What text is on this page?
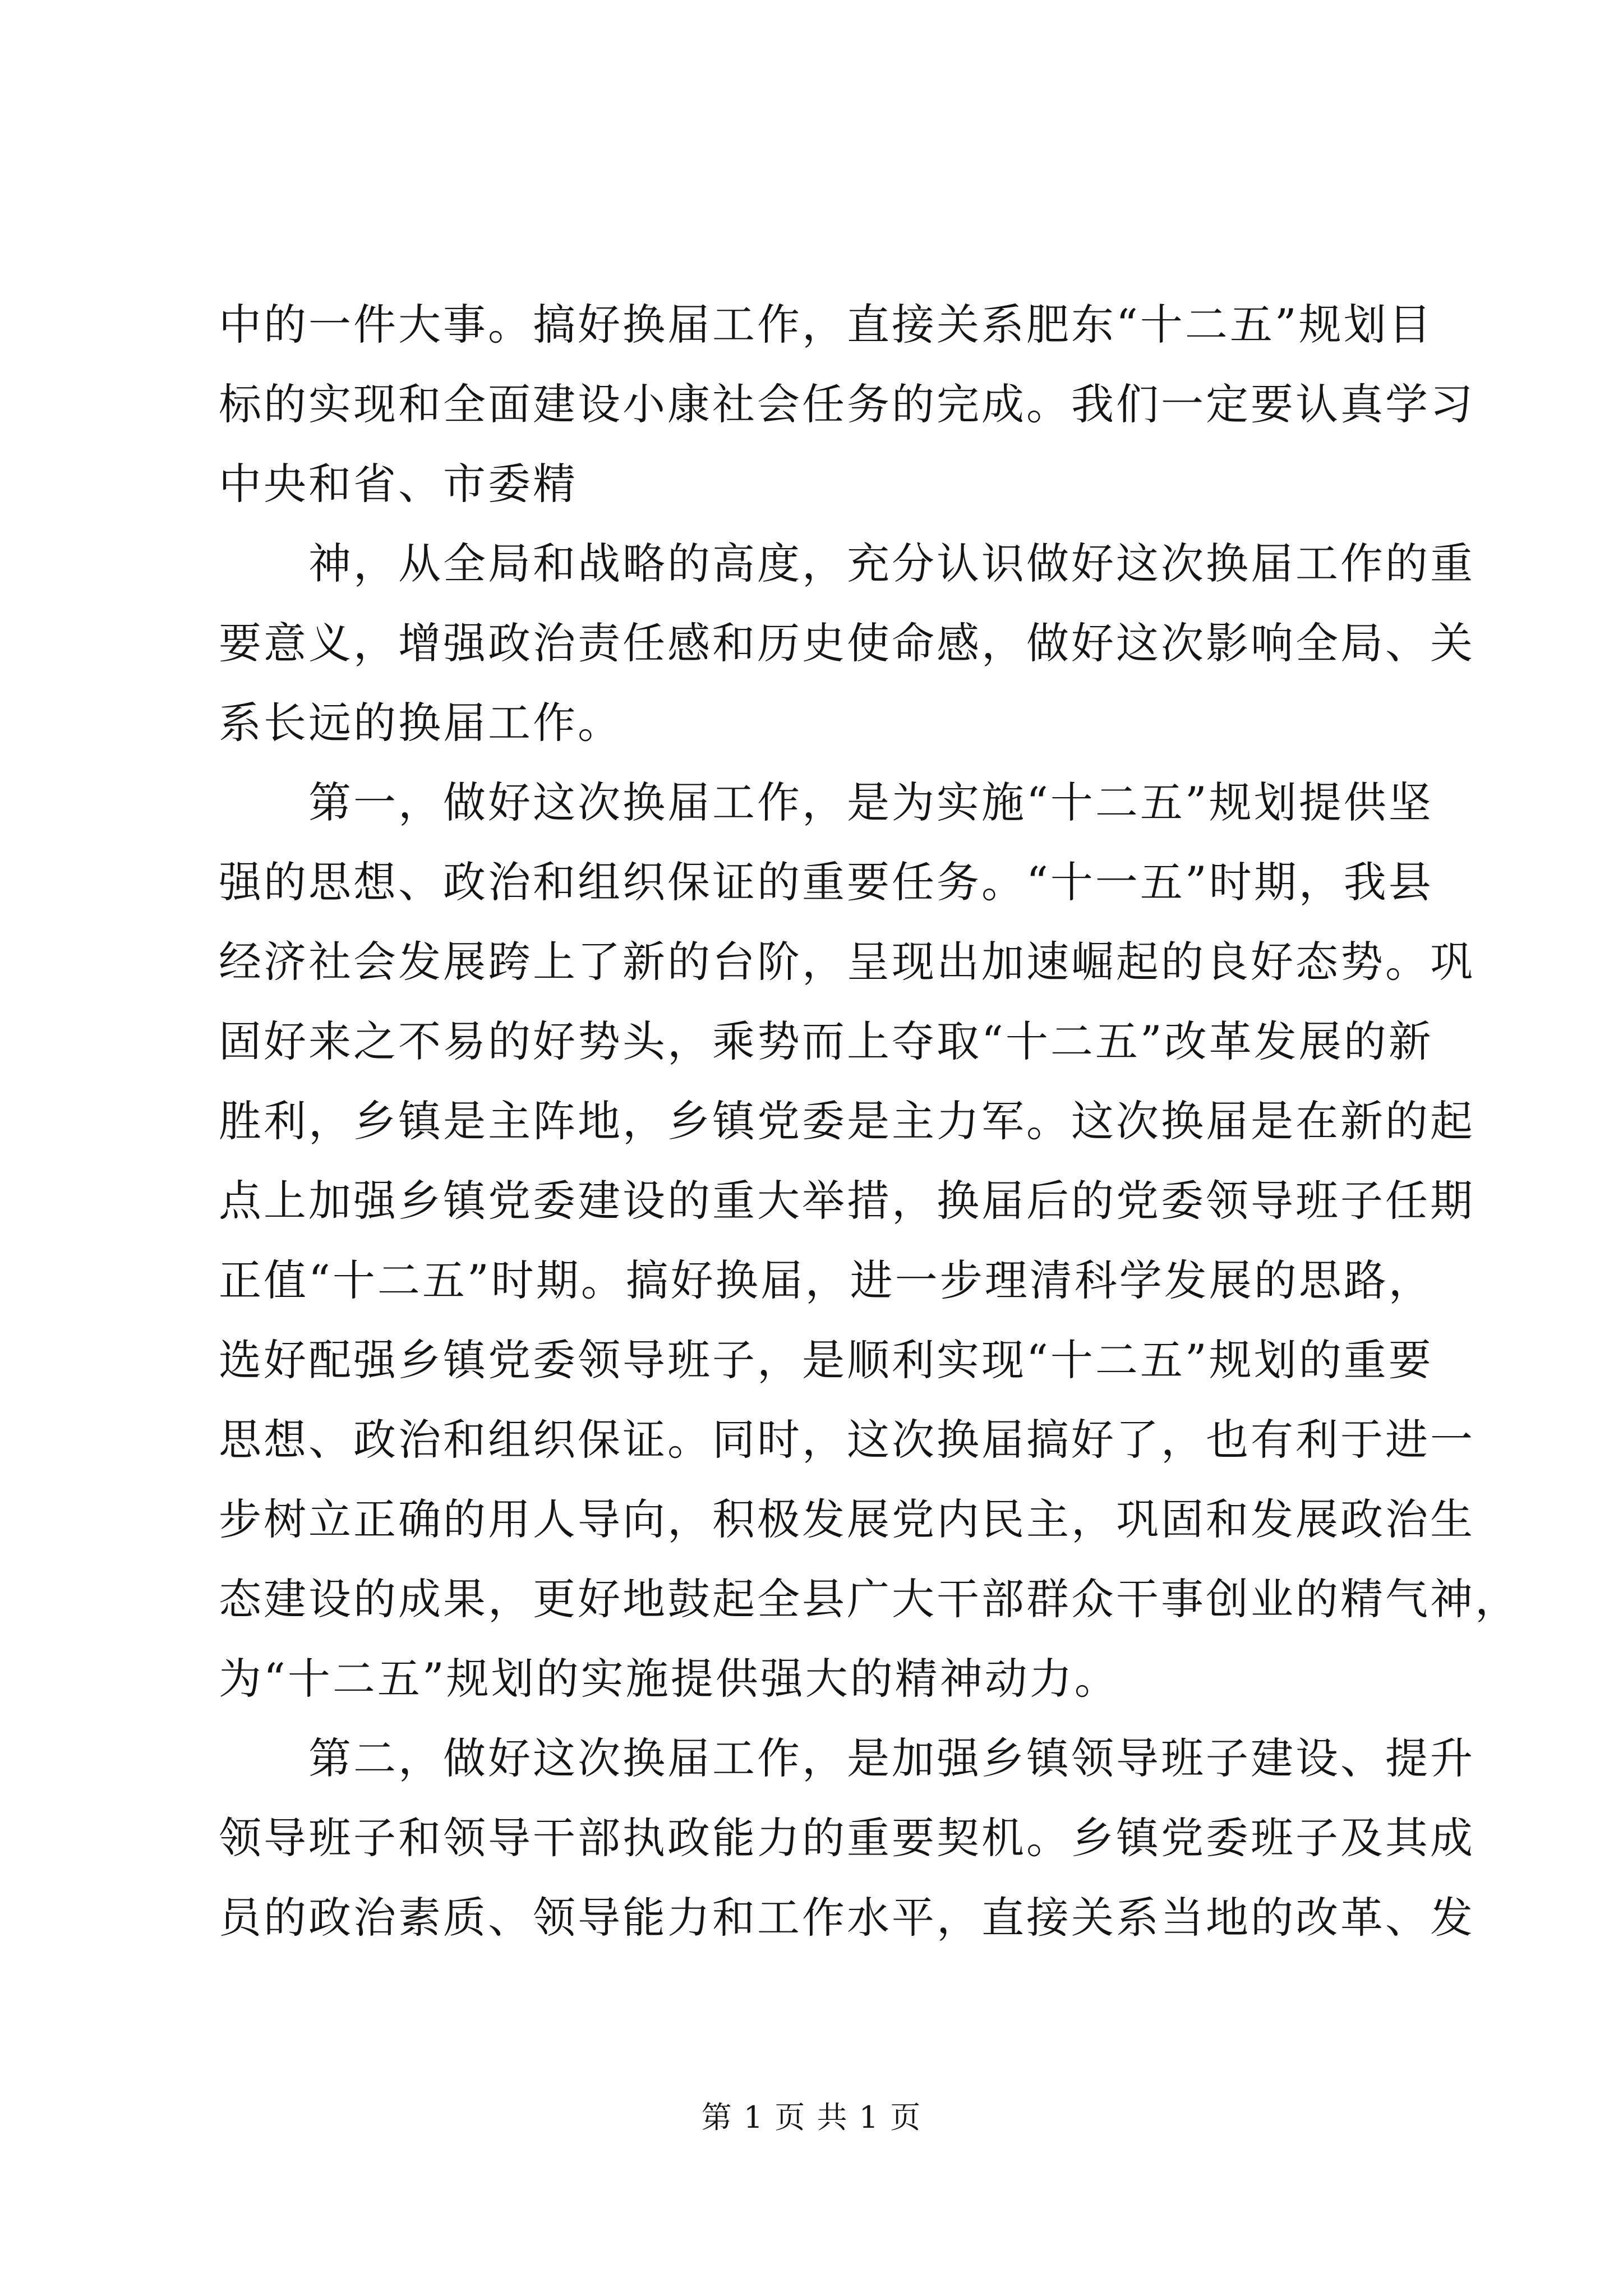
中的一件大事。搞好换届工作，直接关系肥东“十二五”规划目
标的实现和全面建设小康社会任务的完成。我们一定要认真学习
中央和省、市委精
神，从全局和战略的高度，充分认识做好这次换届工作的重
要意义，增强政治责任感和历史使命感，做好这次影响全局、关
系长远的换届工作。
第一，做好这次换届工作，是为实施“十二五”规划提供坚
强的思想、政治和组织保证的重要任务。“十一五”时期，我县
经济社会发展跨上了新的台阶，呈现出加速崛起的良好态势。巩
固好来之不易的好势头，乘势而上夺取“十二五”改革发展的新
胜利，乡镇是主阵地，乡镇党委是主力军。这次换届是在新的起
点上加强乡镇党委建设的重大举措，换届后的党委领导班子任期
正值“十二五”时期。搞好换届，进一步理清科学发展的思路，
选好配强乡镇党委领导班子，是顺利实现“十二五”规划的重要
思想、政治和组织保证。同时，这次换届搞好了，也有利于进一
步树立正确的用人导向，积极发展党内民主，巩固和发展政治生
态建设的成果，更好地鼓起全县广大干部群众干事创业的精气神，
为“十二五”规划的实施提供强大的精神动力。
第二，做好这次换届工作，是加强乡镇领导班子建设、提升
领导班子和领导干部执政能力的重要契机。乡镇党委班子及其成
员的政治素质、领导能力和工作水平，直接关系当地的改革、发
第 1 页 共 1 页
